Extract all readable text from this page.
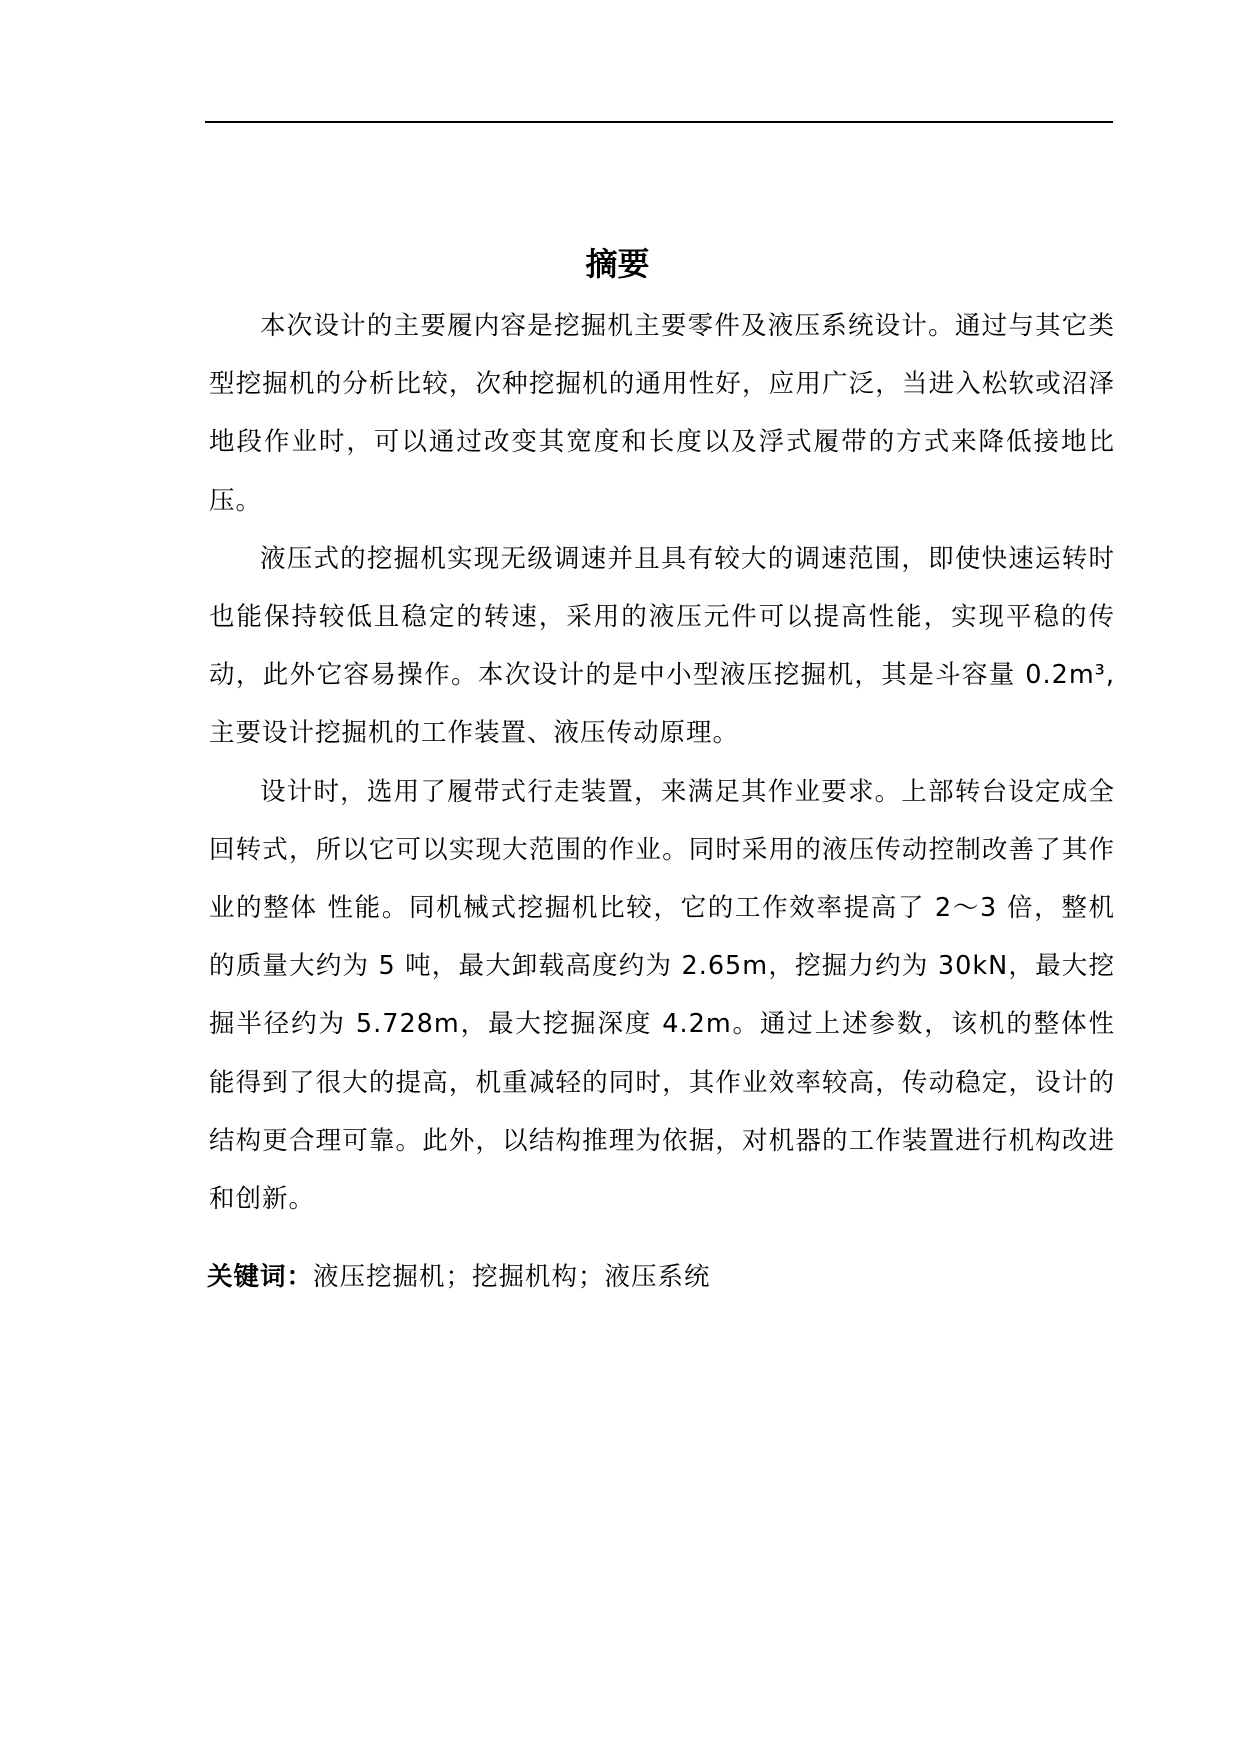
摘要

本次设计的主要履内容是挖掘机主要零件及液压系统设计。通过与其它类型挖掘机的分析比较，次种挖掘机的通用性好，应用广泛，当进入松软或沼泽地段作业时，可以通过改变其宽度和长度以及浮式履带的方式来降低接地比压。

液压式的挖掘机实现无级调速并且具有较大的调速范围，即使快速运转时也能保持较低且稳定的转速，采用的液压元件可以提高性能，实现平稳的传动，此外它容易操作。本次设计的是中小型液压挖掘机，其是斗容量 0.2m³,主要设计挖掘机的工作装置、液压传动原理。

设计时，选用了履带式行走装置，来满足其作业要求。上部转台设定成全回转式，所以它可以实现大范围的作业。同时采用的液压传动控制改善了其作业的整体 性能。同机械式挖掘机比较，它的工作效率提高了 2～3 倍，整机的质量大约为 5 吨，最大卸载高度约为 2.65m，挖掘力约为 30kN，最大挖掘半径约为 5.728m，最大挖掘深度 4.2m。通过上述参数，该机的整体性能得到了很大的提高，机重减轻的同时，其作业效率较高，传动稳定，设计的结构更合理可靠。此外，以结构推理为依据，对机器的工作装置进行机构改进和创新。

关键词：液压挖掘机；挖掘机构；液压系统
